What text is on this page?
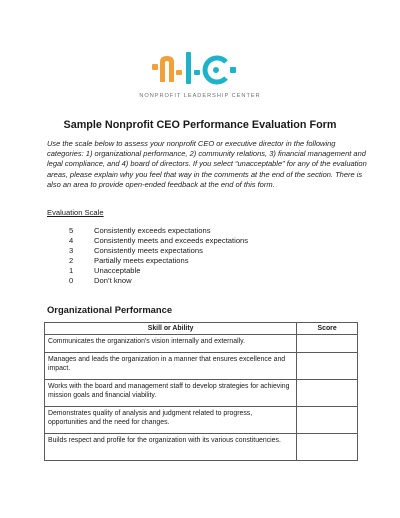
NONPROFIT LEADERSHIP CENTER
Sample Nonprofit CEO Performance Evaluation Form
Use the scale below to assess your nonprofit CEO or executive director in the following categories: 1) organizational performance, 2) community relations, 3) financial management and legal compliance, and 4) board of directors. If you select “unacceptable” for any of the evaluation areas, please explain why you feel that way in the comments at the end of the section. There is also an area to provide open-ended feedback at the end of this form.
Evaluation Scale
5	Consistently exceeds expectations
4	Consistently meets and exceeds expectations
3	Consistently meets expectations
2	Partially meets expectations
1	Unacceptable
0	Don’t know
Organizational Performance
Skill or Ability	Score
Communicates the organization’s vision internally and externally.	
Manages and leads the organization in a manner that ensures excellence and impact.	
Works with the board and management staff to develop strategies for achieving mission goals and financial viability.	
Demonstrates quality of analysis and judgment related to progress, opportunities and the need for changes.	
Builds respect and profile for the organization with its various constituencies.	
